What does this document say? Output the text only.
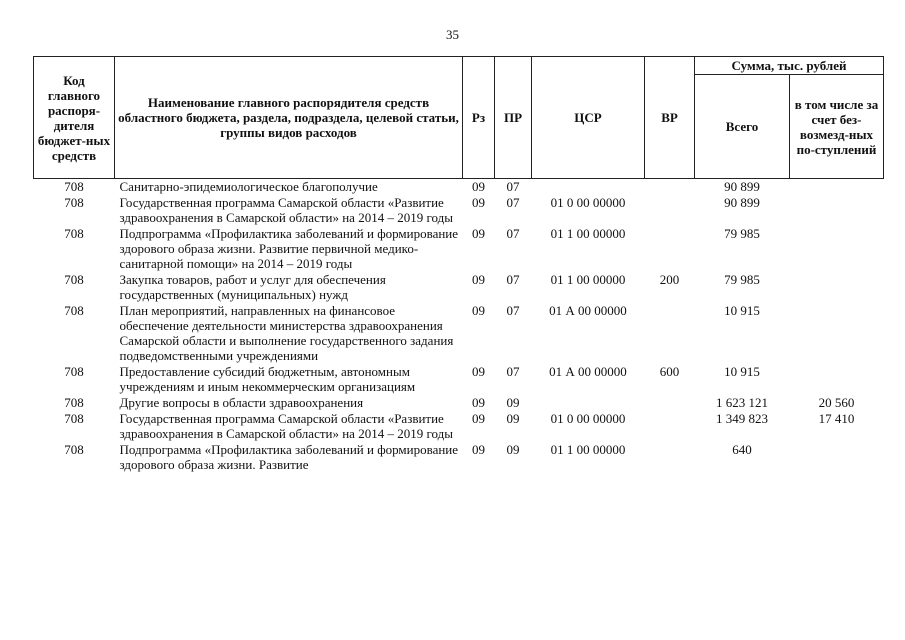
35
Код главного распоря-дителя бюджет-ных средств	Наименование главного распорядителя средств областного бюджета, раздела, подраздела, целевой статьи, группы видов расходов	Рз	ПР	ЦСР	ВР	Сумма, тыс. рублей	
						Всего	в том числе за счет без-возмезд-ных по-ступлений
708	Санитарно-эпидемиологическое благополучие	09	07			90 899	
708	Государственная программа Самарской области «Развитие здравоохранения в Самарской области» на 2014 – 2019 годы	09	07	01 0 00 00000		90 899	
708	Подпрограмма «Профилактика заболеваний и формирование здорового образа жизни. Развитие первичной медико-санитарной помощи» на 2014 – 2019 годы	09	07	01 1 00 00000		79 985	
708	Закупка товаров, работ и услуг для обеспечения государственных (муниципальных) нужд	09	07	01 1 00 00000	200	79 985	
708	План мероприятий, направленных на финансовое обеспечение деятельности министерства здравоохранения Самарской области и выполнение государственного задания подведомственными учреждениями	09	07	01 А 00 00000		10 915	
708	Предоставление субсидий бюджетным, автономным учреждениям и иным некоммерческим организациям	09	07	01 А 00 00000	600	10 915	
708	Другие вопросы в области здравоохранения	09	09			1 623 121	20 560
708	Государственная программа Самарской области «Развитие здравоохранения в Самарской области» на 2014 – 2019 годы	09	09	01 0 00 00000		1 349 823	17 410
708	Подпрограмма «Профилактика заболеваний и формирование здорового образа жизни. Развитие	09	09	01 1 00 00000		640	
